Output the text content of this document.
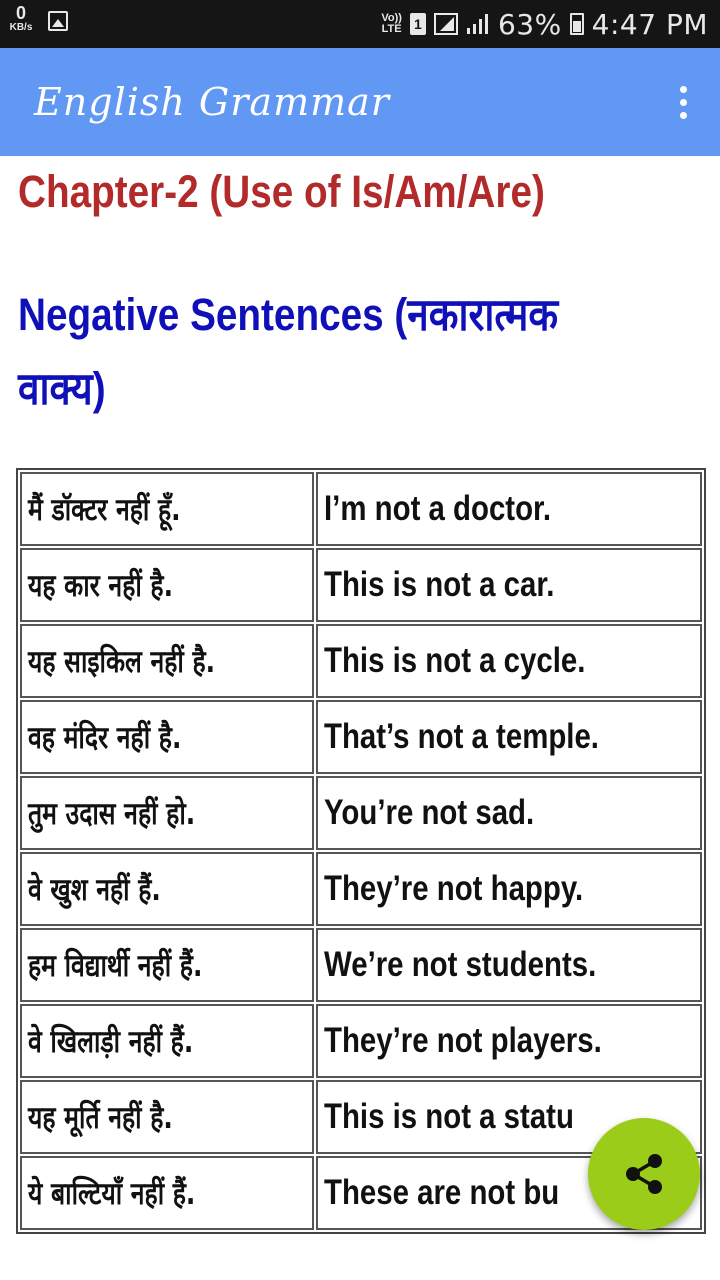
0
KB/s
Vo))
LTE 1	63% 4:47 PM
English Grammar
Chapter-2 (Use of Is/Am/Are)
Negative Sentences (नकारात्मक वाक्य)
मैं डॉक्टर नहीं हूँ.	I’m not a doctor.
यह कार नहीं है.	This is not a car.
यह साइकिल नहीं है.	This is not a cycle.
वह मंदिर नहीं है.	That’s not a temple.
तुम उदास नहीं हो.	You’re not sad.
वे खुश नहीं हैं.	They’re not happy.
हम विद्यार्थी नहीं हैं.	We’re not students.
वे खिलाड़ी नहीं हैं.	They’re not players.
यह मूर्ति नहीं है.	This is not a statu
ये बाल्टियाँ नहीं हैं.	These are not bu
